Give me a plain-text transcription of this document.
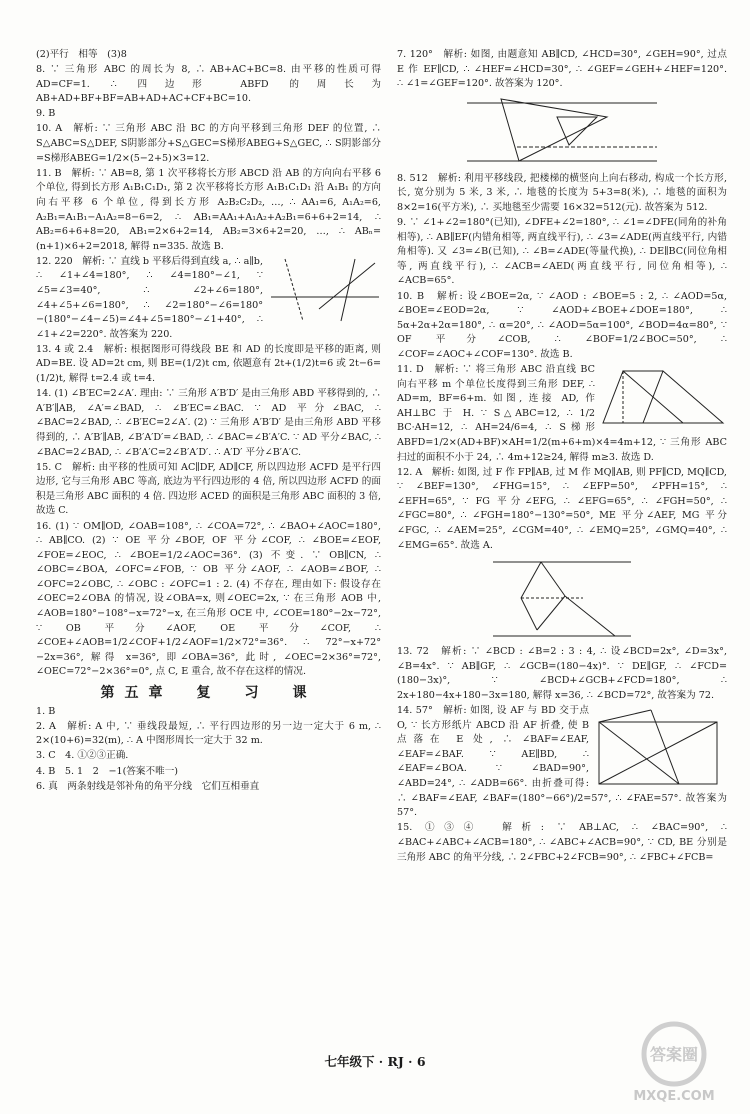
(2)平行　相等　(3)8

8. ∵ 三角形 ABC 的周长为 8, ∴ AB+AC+BC=8. 由平移的性质可得 AD=CF=1. ∴ 四边形 ABFD 的周长为 AB+AD+BF+BF=AB+AD+AC+CF+BC=10.

9. B

10. A　解析: ∵ 三角形 ABC 沿 BC 的方向平移到三角形 DEF 的位置, ∴ S△ABC=S△DEF, S阴影部分+S△GEC=S梯形ABEG+S△GEC, ∴ S阴影部分=S梯形ABEG=1/2×(5−2+5)×3=12.

11. B　解析: ∵ AB=8, 第 1 次平移将长方形 ABCD 沿 AB 的方向向右平移 6 个单位, 得到长方形 A₁B₁C₁D₁, 第 2 次平移将长方形 A₁B₁C₁D₁ 沿 A₁B₁ 的方向向右平移 6 个单位, 得到长方形 A₂B₂C₂D₂, …, ∴ AA₁=6, A₁A₂=6, A₂B₁=A₁B₁−A₁A₂=8−6=2, ∴ AB₁=AA₁+A₁A₂+A₂B₁=6+6+2=14, ∴ AB₂=6+6+8=20, AB₁=2×6+2=14, AB₂=3×6+2=20, …, ∴ ABₙ=(n+1)×6+2=2018, 解得 n=335. 故选 B.

12. 220　解析: ∵ 直线 b 平移后得到直线 a, ∴ a∥b, ∴ ∠1+∠4=180°, ∴ ∠4=180°−∠1, ∵ ∠5=∠3=40°, ∴ ∠2+∠6=180°, ∠4+∠5+∠6=180°, ∴ ∠2=180°−∠6=180°−(180°−∠4−∠5)=∠4+∠5=180°−∠1+40°, ∴ ∠1+∠2=220°. 故答案为 220.

13. 4 或 2.4　解析: 根据图形可得线段 BE 和 AD 的长度即是平移的距离, 则 AD=BE. 设 AD=2t cm, 则 BE=(1/2)t cm, 依题意有 2t+(1/2)t=6 或 2t−6=(1/2)t, 解得 t=2.4 或 t=4.

14. (1) ∠B′EC=2∠A′. 理由: ∵ 三角形 A′B′D′ 是由三角形 ABD 平移得到的, ∴ A′B′∥AB, ∠A′=∠BAD, ∴ ∠B′EC=∠BAC. ∵ AD 平分∠BAC, ∴ ∠BAC=2∠BAD, ∴ ∠B′EC=2∠A′. (2) ∵ 三角形 A′B′D′ 是由三角形 ABD 平移得到的, ∴ A′B′∥AB, ∠B′A′D′=∠BAD, ∴ ∠BAC=∠B′A′C. ∵ AD 平分∠BAC, ∴ ∠BAC=2∠BAD, ∴ ∠B′A′C=2∠B′A′D′. ∴ A′D′ 平分∠B′A′C.

15. C　解析: 由平移的性质可知 AC∥DF, AD∥CF, 所以四边形 ACFD 是平行四边形, 它与三角形 ABC 等高, 底边为平行四边形的 4 倍, 所以四边形 ACFD 的面积是三角形 ABC 面积的 4 倍. 四边形 ACED 的面积是三角形 ABC 面积的 3 倍, 故选 C.

16. (1) ∵ OM∥OD, ∠OAB=108°, ∴ ∠COA=72°, ∴ ∠BAO+∠AOC=180°, ∴ AB∥CO. (2) ∵ OE 平分∠BOF, OF 平分∠COF, ∴ ∠BOE=∠EOF, ∠FOE=∠EOC, ∴ ∠BOE=1/2∠AOC=36°. (3) 不变. ∵ OB∥CN, ∴ ∠OBC=∠BOA, ∠OFC=∠FOB, ∵ OB 平分∠AOF, ∴ ∠AOB=∠BOF, ∴ ∠OFC=2∠OBC, ∴ ∠OBC : ∠OFC=1 : 2. (4) 不存在, 理由如下: 假设存在∠OEC=2∠OBA 的情况, 设∠OBA=x, 则∠OEC=2x, ∵ 在三角形 AOB 中, ∠AOB=180°−108°−x=72°−x, 在三角形 OCE 中, ∠COE=180°−2x−72°, ∵ OB 平分∠AOF, OE 平分∠COF, ∴ ∠COE+∠AOB=1/2∠COF+1/2∠AOF=1/2×72°=36°. ∴ 72°−x+72°−2x=36°, 解得 x=36°, 即∠OBA=36°, 此时, ∠OEC=2×36°=72°, ∠OEC=72°−2×36°=0°, 点 C, E 重合, 故不存在这样的情况.

第五章　复　习　课

1. B

2. A　解析: A 中, ∵ 垂线段最短, ∴ 平行四边形的另一边一定大于 6 m, ∴ 2×(10+6)=32(m), ∴ A 中图形周长一定大于 32 m.

3. C　4. ①②③正确.

4. B　5. 1　2　−1(答案不唯一)

6. 真　两条射线是邻补角的角平分线　它们互相垂直

7. 120°　解析: 如图, 由题意知 AB∥CD, ∠HCD=30°, ∠GEH=90°, 过点 E 作 EF∥CD, ∴ ∠HEF=∠HCD=30°, ∴ ∠GEF=∠GEH+∠HEF=120°. ∴ ∠1=∠GEF=120°. 故答案为 120°.

8. 512　解析: 利用平移线段, 把楼梯的横竖向上向右移动, 构成一个长方形, 长, 宽分别为 5 米, 3 米, ∴ 地毯的长度为 5+3=8(米), ∴ 地毯的面积为 8×2=16(平方米), ∴ 买地毯至少需要 16×32=512(元). 故答案为 512.

9. ∵ ∠1+∠2=180°(已知), ∠DFE+∠2=180°, ∴ ∠1=∠DFE(同角的补角相等), ∴ AB∥EF(内错角相等, 两直线平行), ∴ ∠3=∠ADE(两直线平行, 内错角相等). 又 ∠3=∠B(已知), ∴ ∠B=∠ADE(等量代换), ∴ DE∥BC(同位角相等, 两直线平行), ∴ ∠ACB=∠AED(两直线平行, 同位角相等), ∴ ∠ACB=65°.

10. B　解析: 设∠BOE=2α, ∵ ∠AOD : ∠BOE=5 : 2, ∴ ∠AOD=5α, ∠BOE=∠EOD=2α, ∵ ∠AOD+∠BOE+∠DOE=180°, ∴ 5α+2α+2α=180°, ∴ α=20°, ∴ ∠AOD=5α=100°, ∠BOD=4α=80°, ∵ OF 平分∠COB, ∴ ∠BOF=1/2∠BOC=50°, ∴ ∠COF=∠AOC+∠COF=130°. 故选 B.

11. D　解析: ∵ 将三角形 ABC 沿直线 BC 向右平移 m 个单位长度得到三角形 DEF, ∴ AD=m, BF=6+m. 如图, 连接 AD, 作 AH⊥BC 于 H. ∵ S△ABC=12, ∴ 1/2 BC·AH=12, ∴ AH=24/6=4, ∴ S梯形ABFD=1/2×(AD+BF)×AH=1/2(m+6+m)×4=4m+12, ∵ 三角形 ABC 扫过的面积不小于 24, ∴ 4m+12≥24, 解得 m≥3. 故选 D.

12. A　解析: 如图, 过 F 作 FP∥AB, 过 M 作 MQ∥AB, 则 PF∥CD, MQ∥CD, ∵ ∠BEF=130°, ∠FHG=15°, ∴ ∠EFP=50°, ∠PFH=15°, ∴ ∠EFH=65°, ∵ FG 平分∠EFG, ∴ ∠EFG=65°, ∴ ∠FGH=50°, ∴ ∠FGC=80°, ∴ ∠FGH=180°−130°=50°, ME 平分∠AEF, MG 平分∠FGC, ∴ ∠AEM=25°, ∠CGM=40°, ∴ ∠EMQ=25°, ∠GMQ=40°, ∴ ∠EMG=65°. 故选 A.

13. 72　解析: ∵ ∠BCD : ∠B=2 : 3 : 4, ∴ 设∠BCD=2x°, ∠D=3x°, ∠B=4x°. ∵ AB∥GF, ∴ ∠GCB=(180−4x)°. ∵ DE∥GF, ∴ ∠FCD=(180−3x)°, ∵ ∠BCD+∠GCB+∠FCD=180°, ∴ 2x+180−4x+180−3x=180, 解得 x=36, ∴ ∠BCD=72°, 故答案为 72.

14. 57°　解析: 如图, 设 AF 与 BD 交于点 O, ∵ 长方形纸片 ABCD 沿 AF 折叠, 使 B 点落在 E 处, ∴ ∠BAF=∠EAF, ∠EAF=∠BAF. ∵ AE∥BD, ∴ ∠EAF=∠BOA. ∵ ∠BAD=90°, ∠ABD=24°, ∴ ∠ADB=66°. 由折叠可得: ∴ ∠BAF=∠EAF, ∠BAF=(180°−66°)/2=57°, ∴ ∠FAE=57°. 故答案为 57°.

15. ①③④　解析: ∵ AB⊥AC, ∴ ∠BAC=90°, ∴ ∠BAC+∠ABC+∠ACB=180°, ∴ ∠ABC+∠ACB=90°, ∵ CD, BE 分别是三角形 ABC 的角平分线, ∴ 2∠FBC+2∠FCB=90°, ∴ ∠FBC+∠FCB=

七年级下 · RJ · 6	答案圈
MXQE.COM
